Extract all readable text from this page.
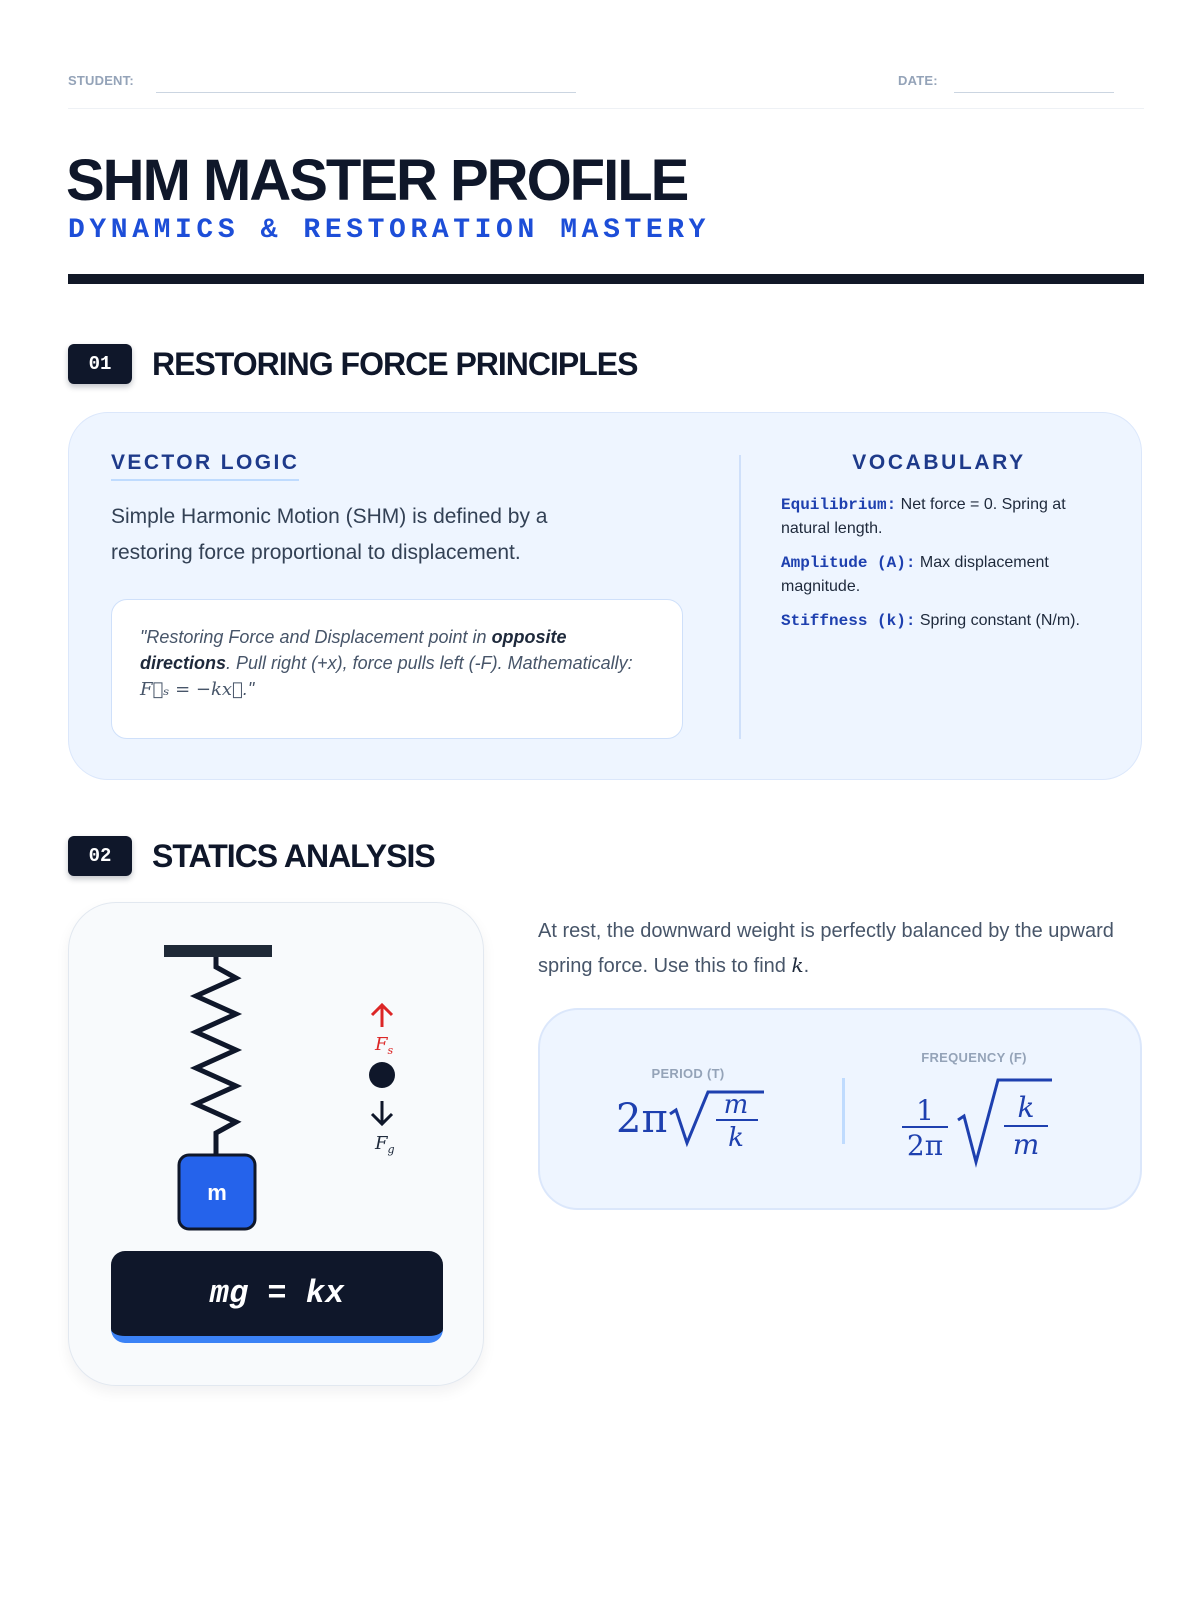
STUDENT:	DATE:
SHM MASTER PROFILE
DYNAMICS & RESTORATION MASTERY
01	RESTORING FORCE PRINCIPLES
VECTOR LOGIC
Simple Harmonic Motion (SHM) is defined by a restoring force proportional to displacement.

"Restoring Force and Displacement point in opposite directions. Pull right (+x), force pulls left (-F). Mathematically: F⃗ₛ = −kx⃗."

VOCABULARY
Equilibrium: Net force = 0. Spring at natural length.
Amplitude (A): Max displacement magnitude.
Stiffness (k): Spring constant (N/m).
02	STATICS ANALYSIS
m
$F_s$
$F_g$
mg = kx
At rest, the downward weight is perfectly balanced by the upward spring force. Use this to find k.
PERIOD (T)
FREQUENCY (F)
2π m
k
1
2π
k
m
